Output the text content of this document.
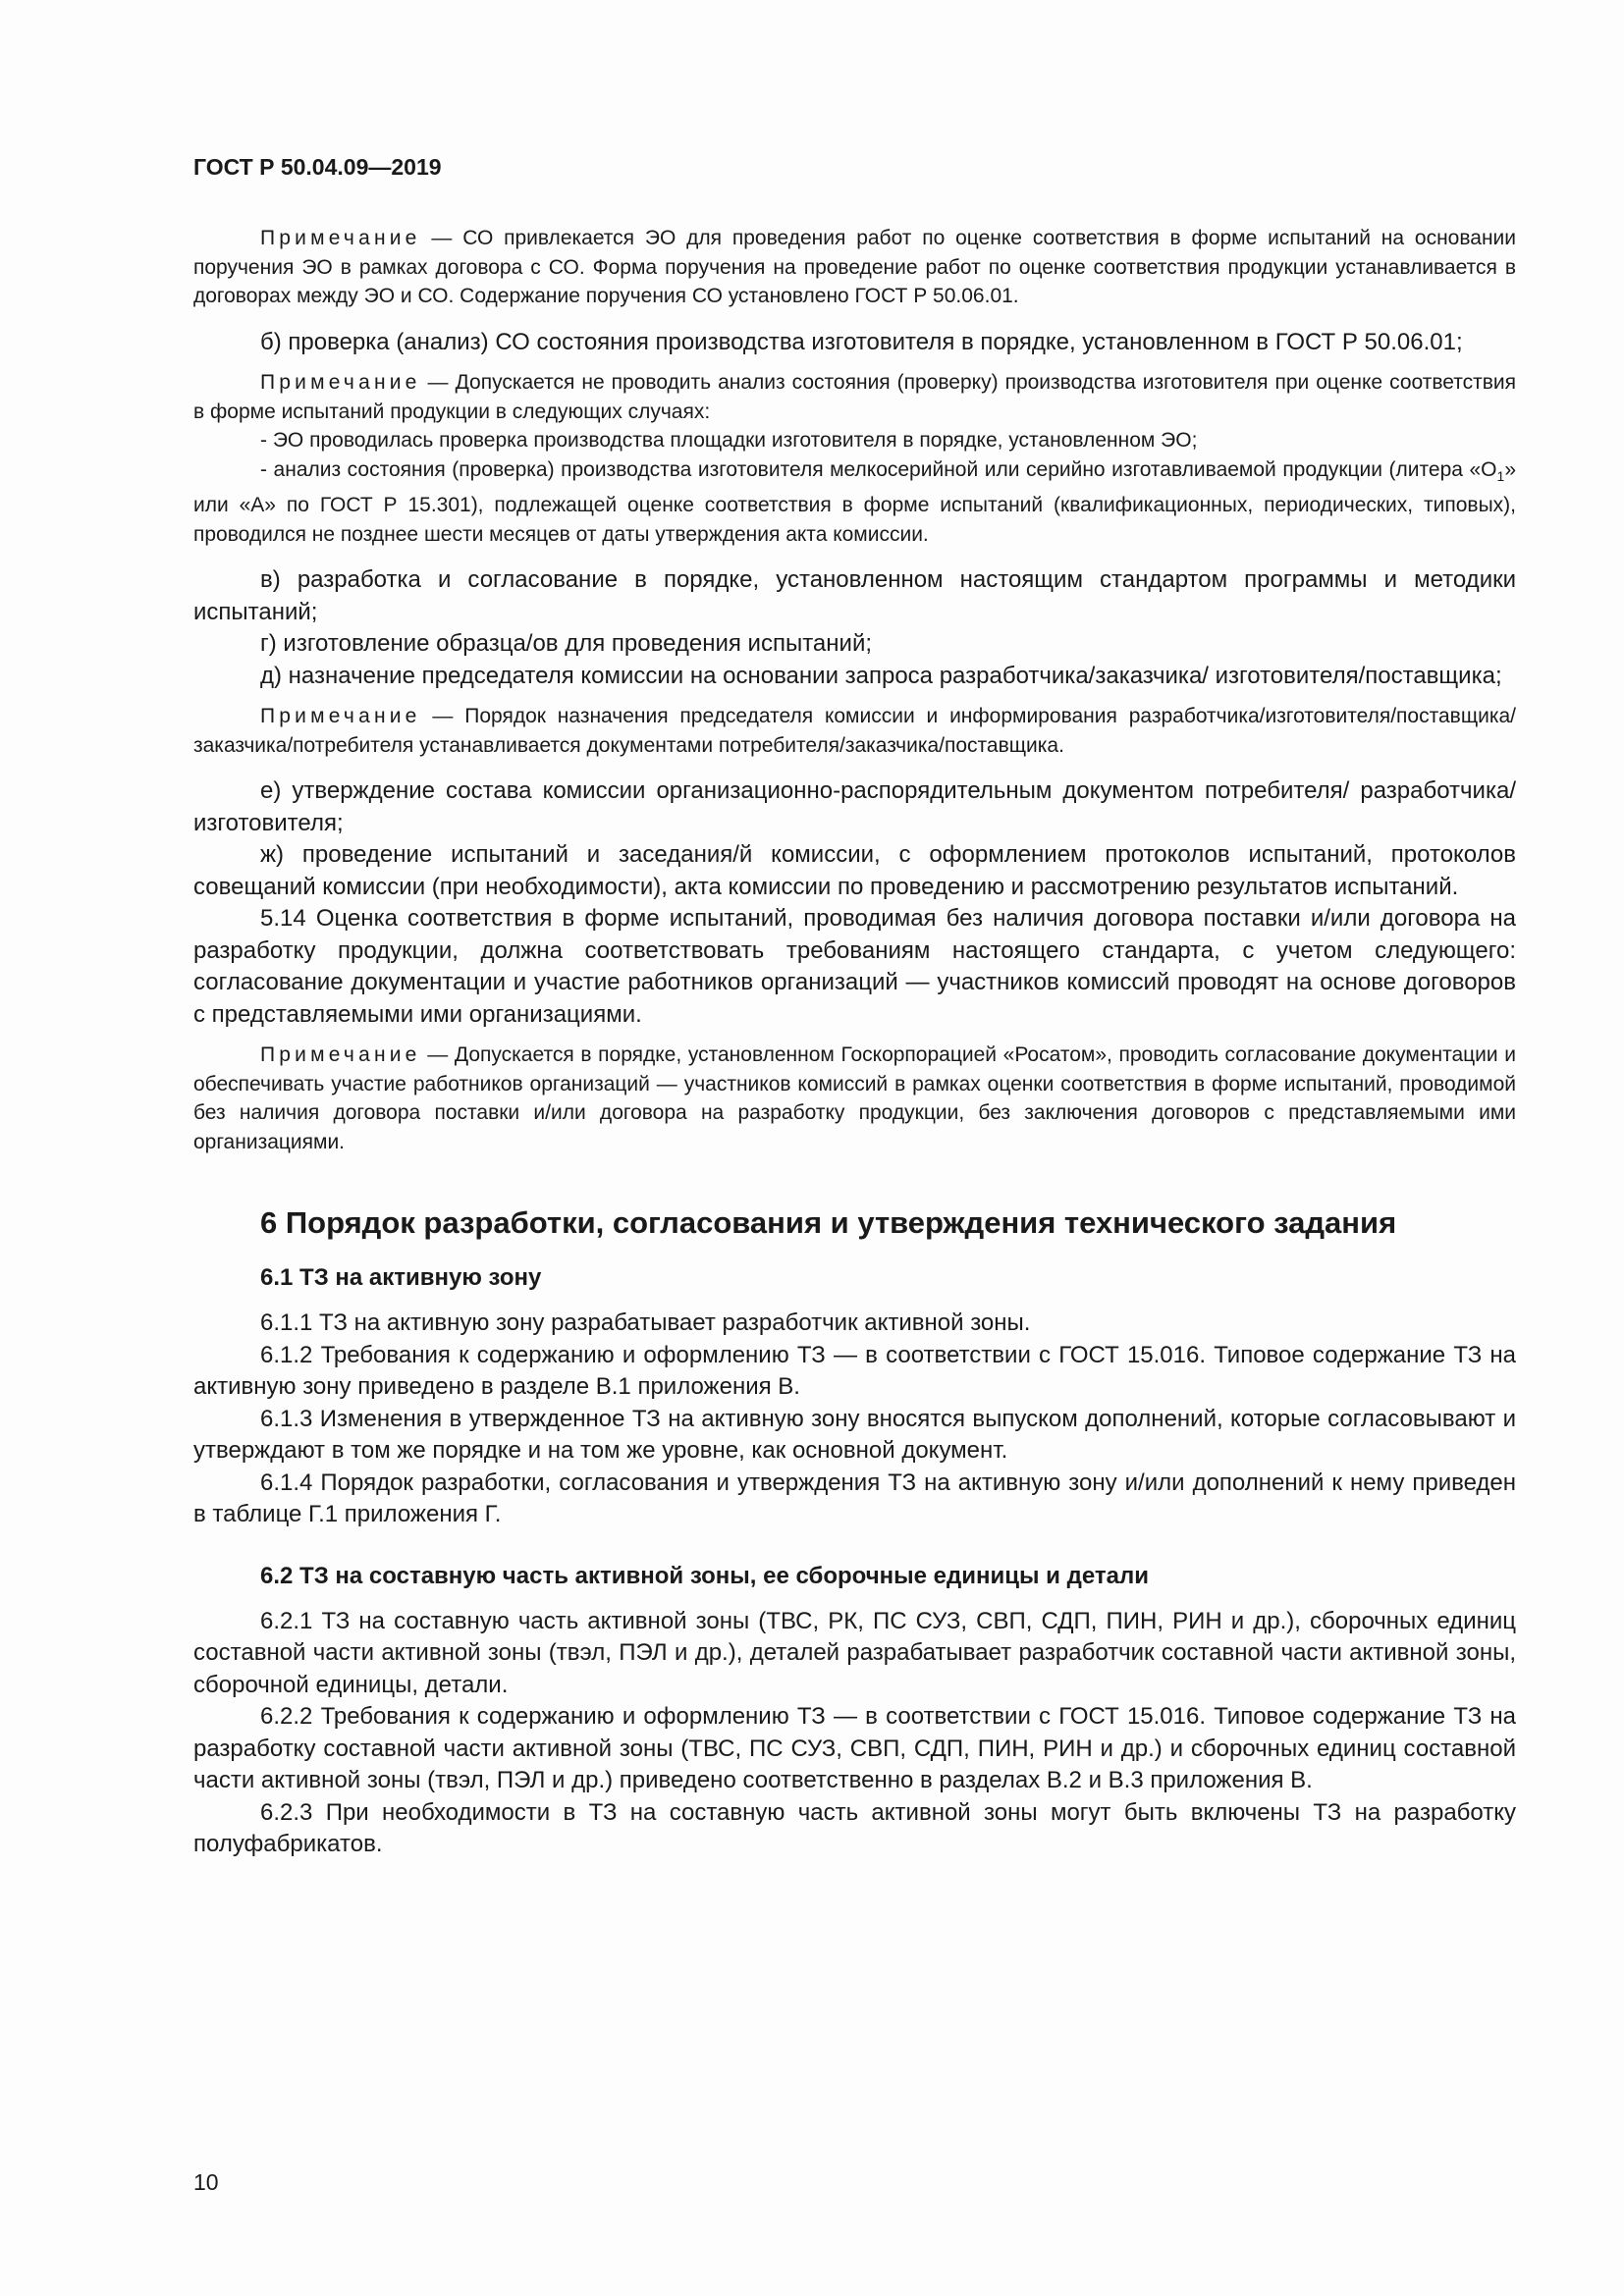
ГОСТ Р 50.04.09—2019

Примечание — СО привлекается ЭО для проведения работ по оценке соответствия в форме испытаний на основании поручения ЭО в рамках договора с СО. Форма поручения на проведение работ по оценке соответствия продукции устанавливается в договорах между ЭО и СО. Содержание поручения СО установлено ГОСТ Р 50.06.01.

б) проверка (анализ) СО состояния производства изготовителя в порядке, установленном в ГОСТ Р 50.06.01;

Примечание — Допускается не проводить анализ состояния (проверку) производства изготовителя при оценке соответствия в форме испытаний продукции в следующих случаях:

- ЭО проводилась проверка производства площадки изготовителя в порядке, установленном ЭО;

- анализ состояния (проверка) производства изготовителя мелкосерийной или серийно изготавливаемой продукции (литера «$О_1$» или «А» по ГОСТ Р 15.301), подлежащей оценке соответствия в форме испытаний (квалификационных, периодических, типовых), проводился не позднее шести месяцев от даты утверждения акта комиссии.

в) разработка и согласование в порядке, установленном настоящим стандартом программы и методики испытаний;

г) изготовление образца/ов для проведения испытаний;

д) назначение председателя комиссии на основании запроса разработчика/заказчика/ изготовителя/поставщика;

Примечание — Порядок назначения председателя комиссии и информирования разработчика/изготовителя/поставщика/заказчика/потребителя устанавливается документами потребителя/заказчика/поставщика.

е) утверждение состава комиссии организационно-распорядительным документом потребителя/ разработчика/изготовителя;

ж) проведение испытаний и заседания/й комиссии, с оформлением протоколов испытаний, протоколов совещаний комиссии (при необходимости), акта комиссии по проведению и рассмотрению результатов испытаний.

5.14 Оценка соответствия в форме испытаний, проводимая без наличия договора поставки и/или договора на разработку продукции, должна соответствовать требованиям настоящего стандарта, с учетом следующего: согласование документации и участие работников организаций — участников комиссий проводят на основе договоров с представляемыми ими организациями.

Примечание — Допускается в порядке, установленном Госкорпорацией «Росатом», проводить согласование документации и обеспечивать участие работников организаций — участников комиссий в рамках оценки соответствия в форме испытаний, проводимой без наличия договора поставки и/или договора на разработку продукции, без заключения договоров с представляемыми ими организациями.

6 Порядок разработки, согласования и утверждения технического задания
6.1 ТЗ на активную зону

6.1.1 ТЗ на активную зону разрабатывает разработчик активной зоны.

6.1.2 Требования к содержанию и оформлению ТЗ — в соответствии с ГОСТ 15.016. Типовое содержание ТЗ на активную зону приведено в разделе В.1 приложения В.

6.1.3 Изменения в утвержденное ТЗ на активную зону вносятся выпуском дополнений, которые согласовывают и утверждают в том же порядке и на том же уровне, как основной документ.

6.1.4 Порядок разработки, согласования и утверждения ТЗ на активную зону и/или дополнений к нему приведен в таблице Г.1 приложения Г.

6.2 ТЗ на составную часть активной зоны, ее сборочные единицы и детали

6.2.1 ТЗ на составную часть активной зоны (ТВС, РК, ПС СУЗ, СВП, СДП, ПИН, РИН и др.), сборочных единиц составной части активной зоны (твэл, ПЭЛ и др.), деталей разрабатывает разработчик составной части активной зоны, сборочной единицы, детали.

6.2.2 Требования к содержанию и оформлению ТЗ — в соответствии с ГОСТ 15.016. Типовое содержание ТЗ на разработку составной части активной зоны (ТВС, ПС СУЗ, СВП, СДП, ПИН, РИН и др.) и сборочных единиц составной части активной зоны (твэл, ПЭЛ и др.) приведено соответственно в разделах В.2 и В.3 приложения В.

6.2.3 При необходимости в ТЗ на составную часть активной зоны могут быть включены ТЗ на разработку полуфабрикатов.

10
